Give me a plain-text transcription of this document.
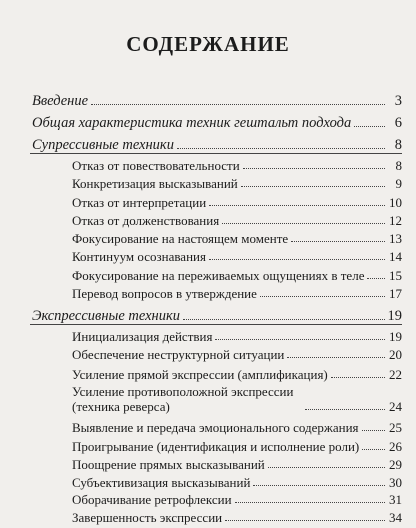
СОДЕРЖАНИЕ
Введение	3
Общая характеристика техник гештальт подхода	6
Супрессивные техники	8
Отказ от повествовательности	8
Конкретизация высказываний	9
Отказ от интерпретации	10
Отказ от долженствования	12
Фокусирование на настоящем моменте	13
Континуум осознавания	14
Фокусирование на переживаемых ощущениях в теле 15
Перевод вопросов в утверждение	17
Экспрессивные техники	19
Инициализация действия	19
Обеспечение неструктурной ситуации	20
Усиление прямой экспрессии (амплификация)	22
Усиление противоположной экспрессии (техника реверса)	24
Выявление и передача эмоционального содержания 25
Проигрывание (идентификация и исполнение роли) 26
Поощрение прямых высказываний	29
Субъективизация высказываний	30
Оборачивание ретрофлексии	31
Завершенность экспрессии	34
